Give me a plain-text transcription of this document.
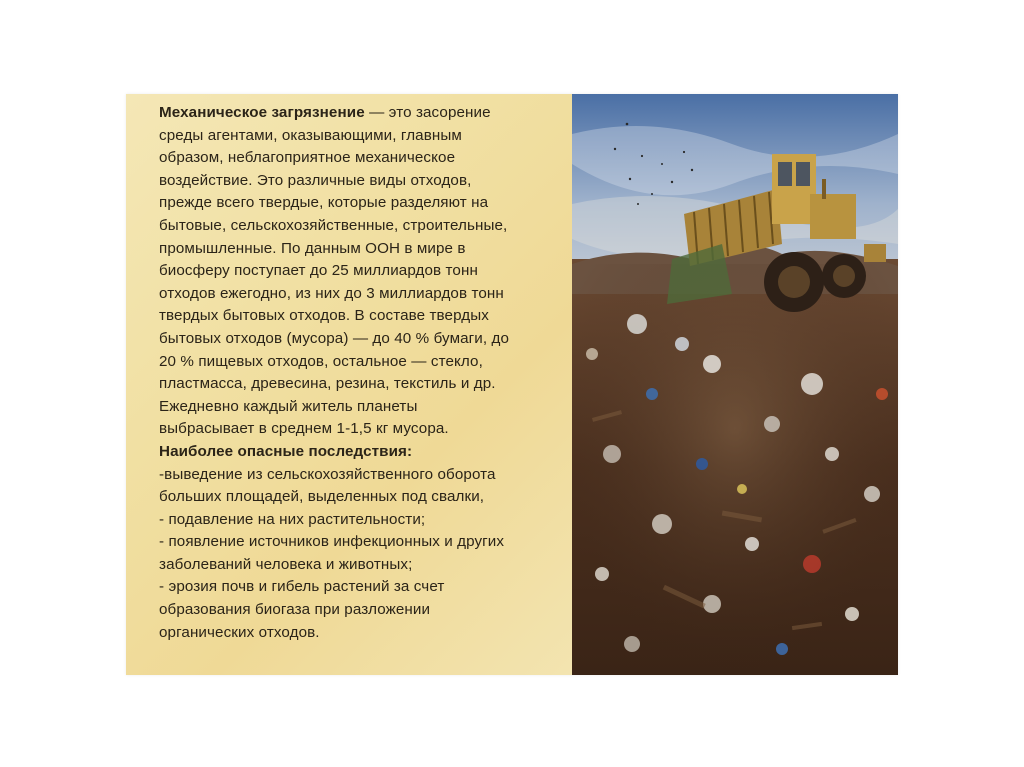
Механическое загрязнение — это засорение
среды агентами, оказывающими, главным
образом, неблагоприятное механическое
воздействие. Это различные виды отходов,
прежде всего твердые, которые разделяют на
бытовые, сельскохозяйственные, строительные,
промышленные. По данным ООН в мире в
биосферу поступает до 25 миллиардов тонн
отходов ежегодно, из них до 3 миллиардов тонн
твердых бытовых отходов. В составе твердых
бытовых отходов (мусора) — до 40 % бумаги, до
20 % пищевых отходов, остальное — стекло,
пластмасса, древесина, резина, текстиль и др.
Ежедневно каждый житель планеты
выбрасывает в среднем 1-1,5 кг мусора.
Наиболее опасные последствия:
-выведение из сельскохозяйственного оборота
больших площадей, выделенных под свалки,
- подавление на них растительности;
- появление источников инфекционных и других
заболеваний человека и животных;
- эрозия почв и гибель растений за счет
образования биогаза при разложении
органических отходов.
